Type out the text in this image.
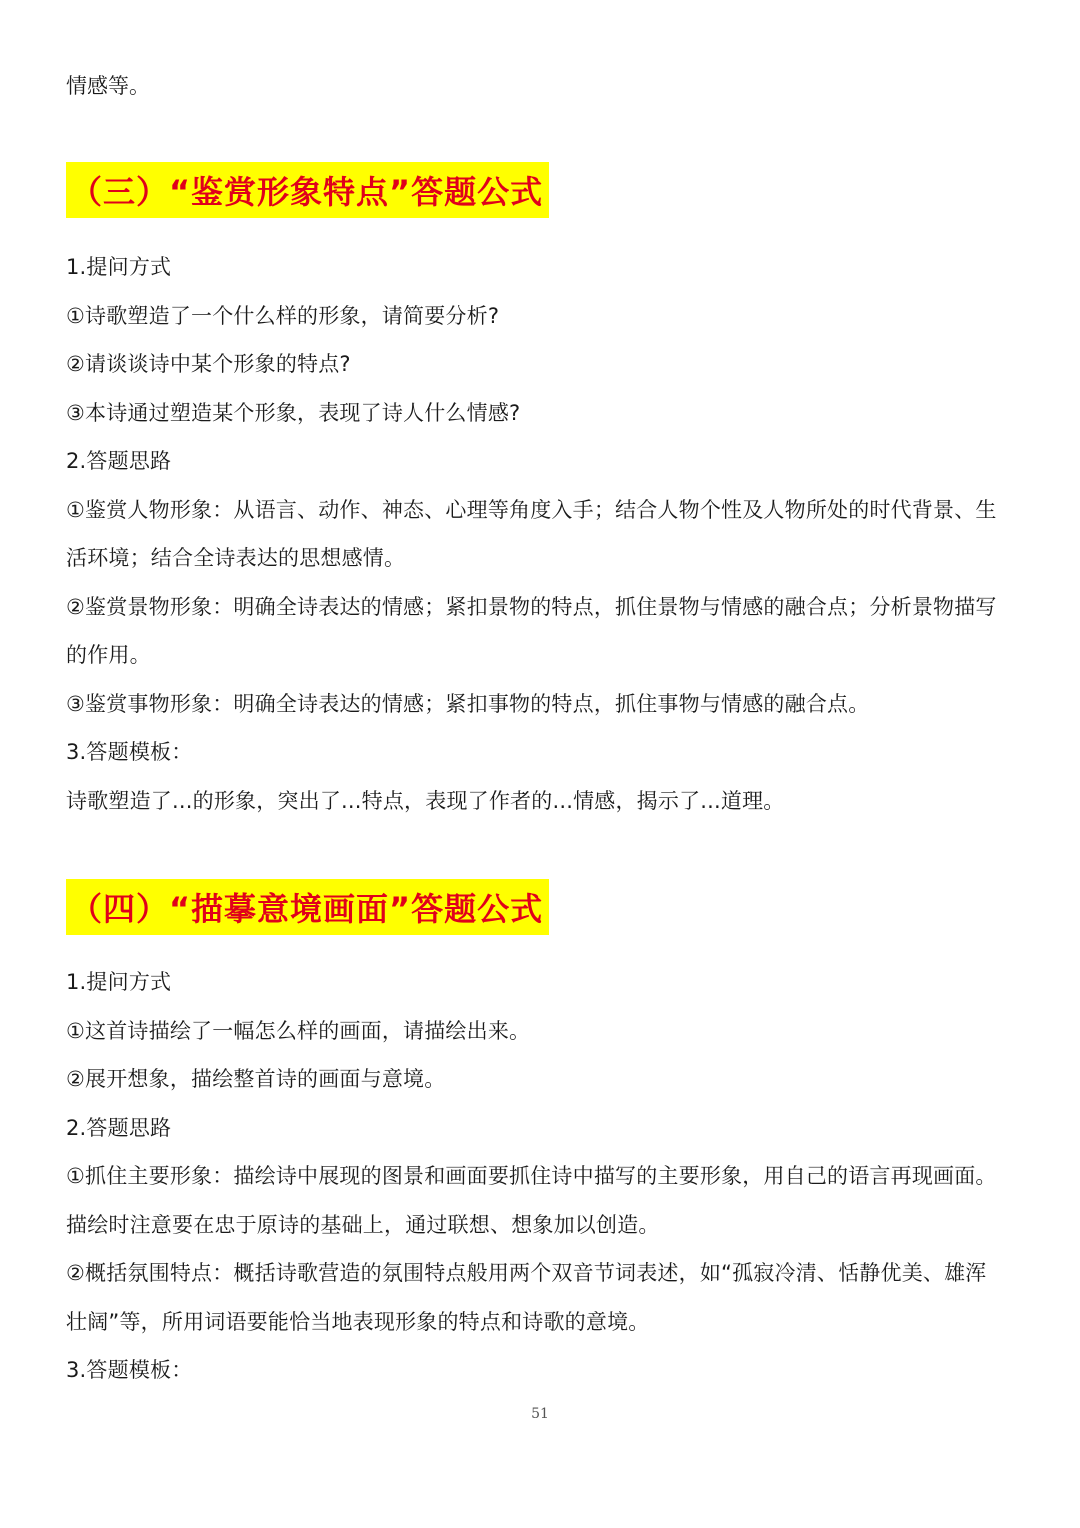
情感等。

（三）“鉴赏形象特点”答题公式

1.提问方式

①诗歌塑造了一个什么样的形象，请简要分析?

②请谈谈诗中某个形象的特点?

③本诗通过塑造某个形象，表现了诗人什么情感?

2.答题思路

①鉴赏人物形象：从语言、动作、神态、心理等角度入手；结合人物个性及人物所处的时代背景、生

活环境；结合全诗表达的思想感情。

②鉴赏景物形象：明确全诗表达的情感；紧扣景物的特点，抓住景物与情感的融合点；分析景物描写

的作用。

③鉴赏事物形象：明确全诗表达的情感；紧扣事物的特点，抓住事物与情感的融合点。

3.答题模板：

诗歌塑造了...的形象，突出了...特点，表现了作者的...情感，揭示了...道理。

（四）“描摹意境画面”答题公式

1.提问方式

①这首诗描绘了一幅怎么样的画面，请描绘出来。

②展开想象，描绘整首诗的画面与意境。

2.答题思路

①抓住主要形象：描绘诗中展现的图景和画面要抓住诗中描写的主要形象，用自己的语言再现画面。

描绘时注意要在忠于原诗的基础上，通过联想、想象加以创造。

②概括氛围特点：概括诗歌营造的氛围特点般用两个双音节词表述，如“孤寂冷清、恬静优美、雄浑

壮阔”等，所用词语要能恰当地表现形象的特点和诗歌的意境。

3.答题模板：

51
